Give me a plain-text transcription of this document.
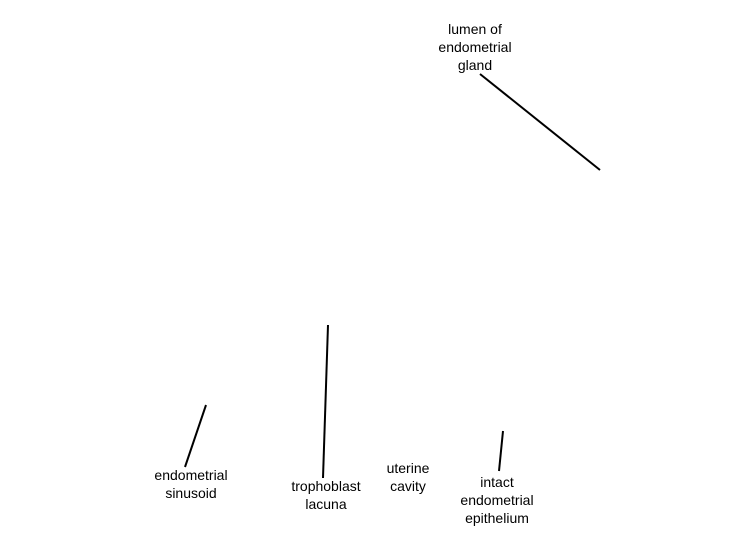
lumen of
endometrial
gland
endometrial
sinusoid	trophoblast
lacuna
uterine
cavity	intact
endometrial
epithelium
